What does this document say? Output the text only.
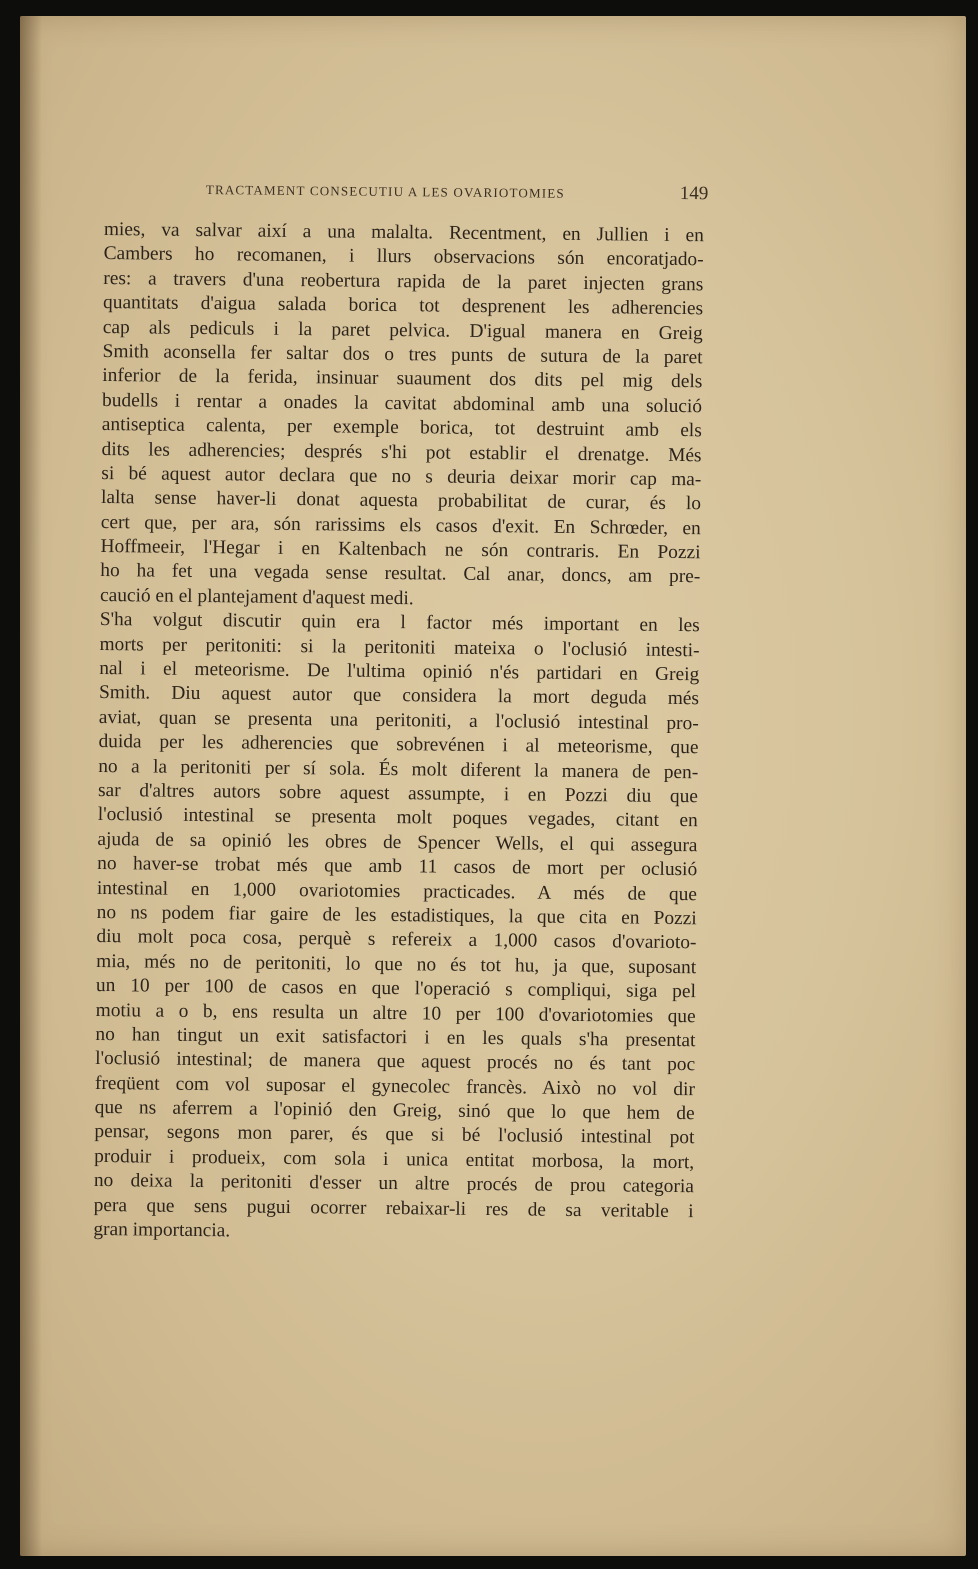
TRACTAMENT CONSECUTIU A LES OVARIOTOMIES	149
mies, va salvar així a una malalta. Recentment, en Jullien i en
Cambers ho recomanen, i llurs observacions són encoratjado-
res: a travers d'una reobertura rapida de la paret injecten grans
quantitats d'aigua salada borica tot desprenent les adherencies
cap als pediculs i la paret pelvica. D'igual manera en Greig
Smith aconsella fer saltar dos o tres punts de sutura de la paret
inferior de la ferida, insinuar suaument dos dits pel mig dels
budells i rentar a onades la cavitat abdominal amb una solució
antiseptica calenta, per exemple borica, tot destruint amb els
dits les adherencies; després s'hi pot establir el drenatge. Més
si bé aquest autor declara que no s deuria deixar morir cap ma-
lalta sense haver-li donat aquesta probabilitat de curar, és lo
cert que, per ara, són rarissims els casos d'exit. En Schrœder, en
Hoffmeeir, l'Hegar i en Kaltenbach ne són contraris. En Pozzi
ho ha fet una vegada sense resultat. Cal anar, doncs, am pre-
caució en el plantejament d'aquest medi.
S'ha volgut discutir quin era l factor més important en les
morts per peritoniti: si la peritoniti mateixa o l'oclusió intesti-
nal i el meteorisme. De l'ultima opinió n'és partidari en Greig
Smith. Diu aquest autor que considera la mort deguda més
aviat, quan se presenta una peritoniti, a l'oclusió intestinal pro-
duida per les adherencies que sobrevénen i al meteorisme, que
no a la peritoniti per sí sola. És molt diferent la manera de pen-
sar d'altres autors sobre aquest assumpte, i en Pozzi diu que
l'oclusió intestinal se presenta molt poques vegades, citant en
ajuda de sa opinió les obres de Spencer Wells, el qui assegura
no haver-se trobat més que amb 11 casos de mort per oclusió
intestinal en 1,000 ovariotomies practicades. A més de que
no ns podem fiar gaire de les estadistiques, la que cita en Pozzi
diu molt poca cosa, perquè s refereix a 1,000 casos d'ovarioto-
mia, més no de peritoniti, lo que no és tot hu, ja que, suposant
un 10 per 100 de casos en que l'operació s compliqui, siga pel
motiu a o b, ens resulta un altre 10 per 100 d'ovariotomies que
no han tingut un exit satisfactori i en les quals s'ha presentat
l'oclusió intestinal; de manera que aquest procés no és tant poc
freqüent com vol suposar el gynecolec francès. Això no vol dir
que ns aferrem a l'opinió den Greig, sinó que lo que hem de
pensar, segons mon parer, és que si bé l'oclusió intestinal pot
produir i produeix, com sola i unica entitat morbosa, la mort,
no deixa la peritoniti d'esser un altre procés de prou categoria
pera que sens pugui ocorrer rebaixar-li res de sa veritable i
gran importancia.
